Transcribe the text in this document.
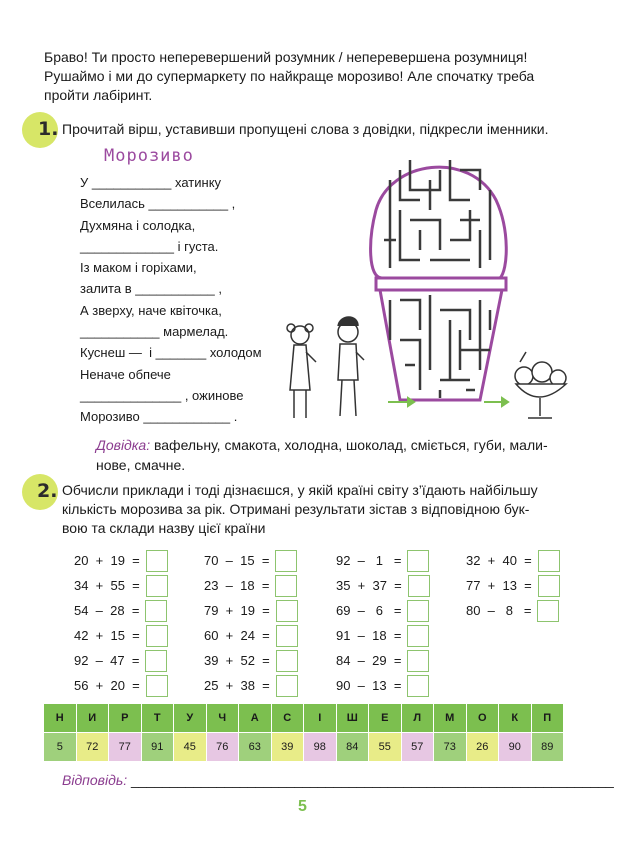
Браво! Ти просто неперевершений розумник / неперевершена розумниця!
Рушаймо і ми до супермаркету по найкраще морозиво! Але спочатку треба
пройти лабіринт.
1. Прочитай вірш, уставивши пропущені слова з довідки, підкресли іменники.
Морозиво
У ___________ хатинку
Вселилась ___________ ,
Духмяна і солодка,
_____________ і густа.
Із маком і горіхами,
залита в ___________ ,
А зверху, наче квіточка,
___________ мармелад.
Куснеш —  і _______ холодом
Неначе обпече
______________ , ожинове
Морозиво ____________ .
Довідка: вафельну, смакота, холодна, шоколад, сміється, губи, мали-
нове, смачне.
2. Обчисли приклади і тоді дізнаєшся, у якій країні світу з’їдають найбільшу
кількість морозива за рік. Отримані результати зістав з відповідною бук-
вою та склади назву цієї країни
20  +  19  =
34  +  55  =
54  –  28  =
42  +  15  =
92  –  47  =
56  +  20  =
70  –  15  =
23  –  18  =
79  +  19  =
60  +  24  =
39  +  52  =
25  +  38  =
92  –   1   =
35  +  37  =
69  –   6   =
91  –  18  =
84  –  29  =
90  –  13  =
32  +  40  =
77  +  13  =
80  –   8   =
Н
5
И
72
Р
77
Т
91
У
45
Ч
76
А
63
С
39
І
98
Ш
84
Е
55
Л
57
М
73
О
26
К
90
П
89
Відповідь: ______________________________________________________________
5
